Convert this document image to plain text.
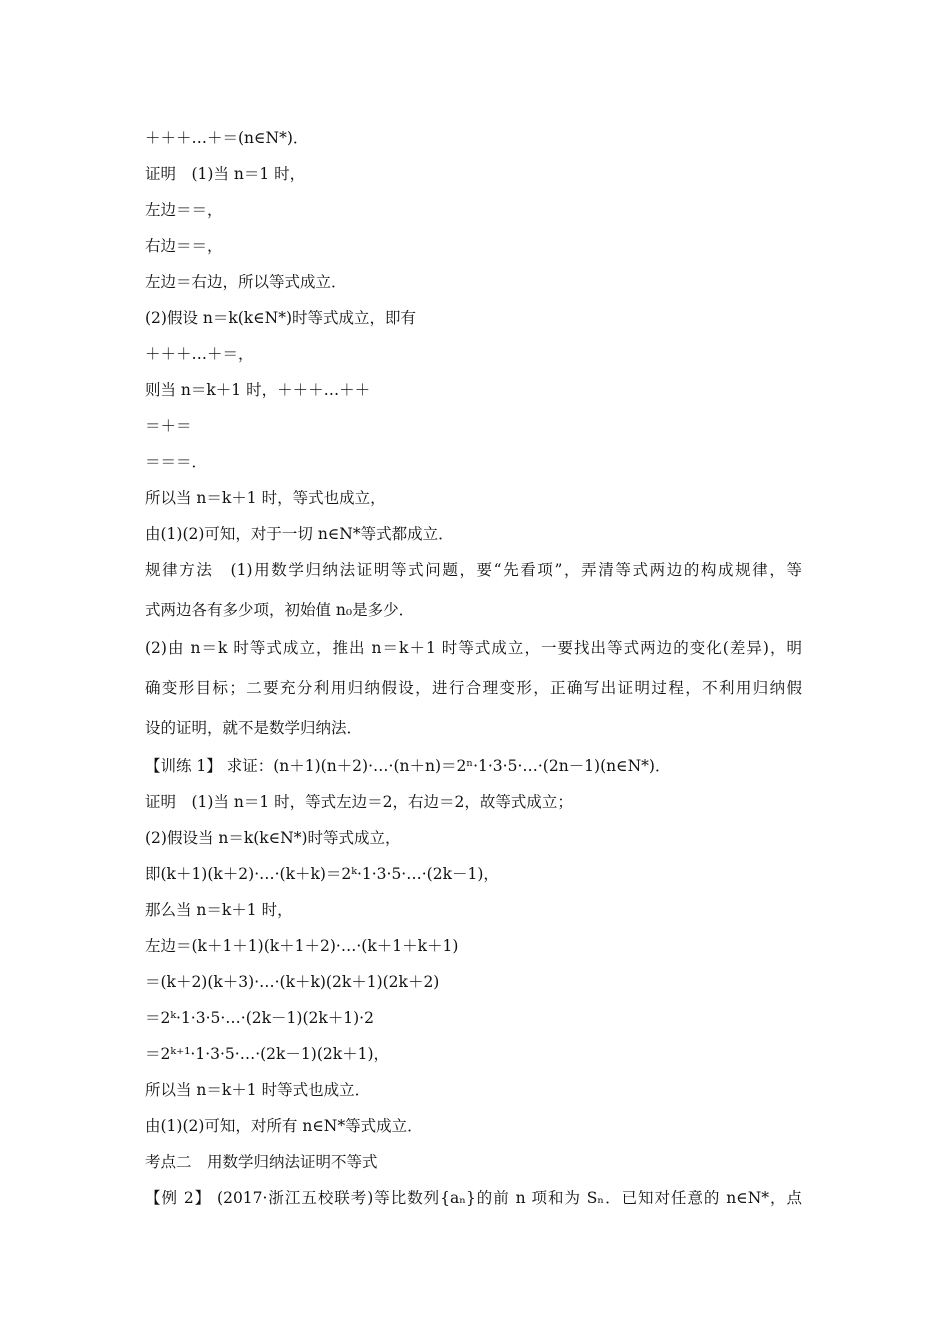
＋＋＋…＋＝(n∈N*)．
证明　(1)当 n＝1 时，
左边＝＝，
右边＝＝，
左边＝右边，所以等式成立．
(2)假设 n＝k(k∈N*)时等式成立，即有
＋＋＋…＋＝，
则当 n＝k＋1 时，＋＋＋…＋＋
＝＋＝
＝＝＝．
所以当 n＝k＋1 时，等式也成立，
由(1)(2)可知，对于一切 n∈N*等式都成立．
规律方法　(1)用数学归纳法证明等式问题，要“先看项”，弄清等式两边的构成规律，等
式两边各有多少项，初始值 n₀是多少．
(2)由 n＝k 时等式成立，推出 n＝k＋1 时等式成立，一要找出等式两边的变化(差异)，明
确变形目标；二要充分利用归纳假设，进行合理变形，正确写出证明过程，不利用归纳假
设的证明，就不是数学归纳法．
【训练 1】 求证：(n＋1)(n＋2)·…·(n＋n)＝2ⁿ·1·3·5·…·(2n－1)(n∈N*)．
证明　(1)当 n＝1 时，等式左边＝2，右边＝2，故等式成立；
(2)假设当 n＝k(k∈N*)时等式成立，
即(k＋1)(k＋2)·…·(k＋k)＝2ᵏ·1·3·5·…·(2k－1)，
那么当 n＝k＋1 时，
左边＝(k＋1＋1)(k＋1＋2)·…·(k＋1＋k＋1)
＝(k＋2)(k＋3)·…·(k＋k)(2k＋1)(2k＋2)
＝2ᵏ·1·3·5·…·(2k－1)(2k＋1)·2
＝2ᵏ⁺¹·1·3·5·…·(2k－1)(2k＋1)，
所以当 n＝k＋1 时等式也成立．
由(1)(2)可知，对所有 n∈N*等式成立．
考点二　用数学归纳法证明不等式
【例 2】 (2017·浙江五校联考)等比数列{aₙ}的前 n 项和为 Sₙ．已知对任意的 n∈N*，点
